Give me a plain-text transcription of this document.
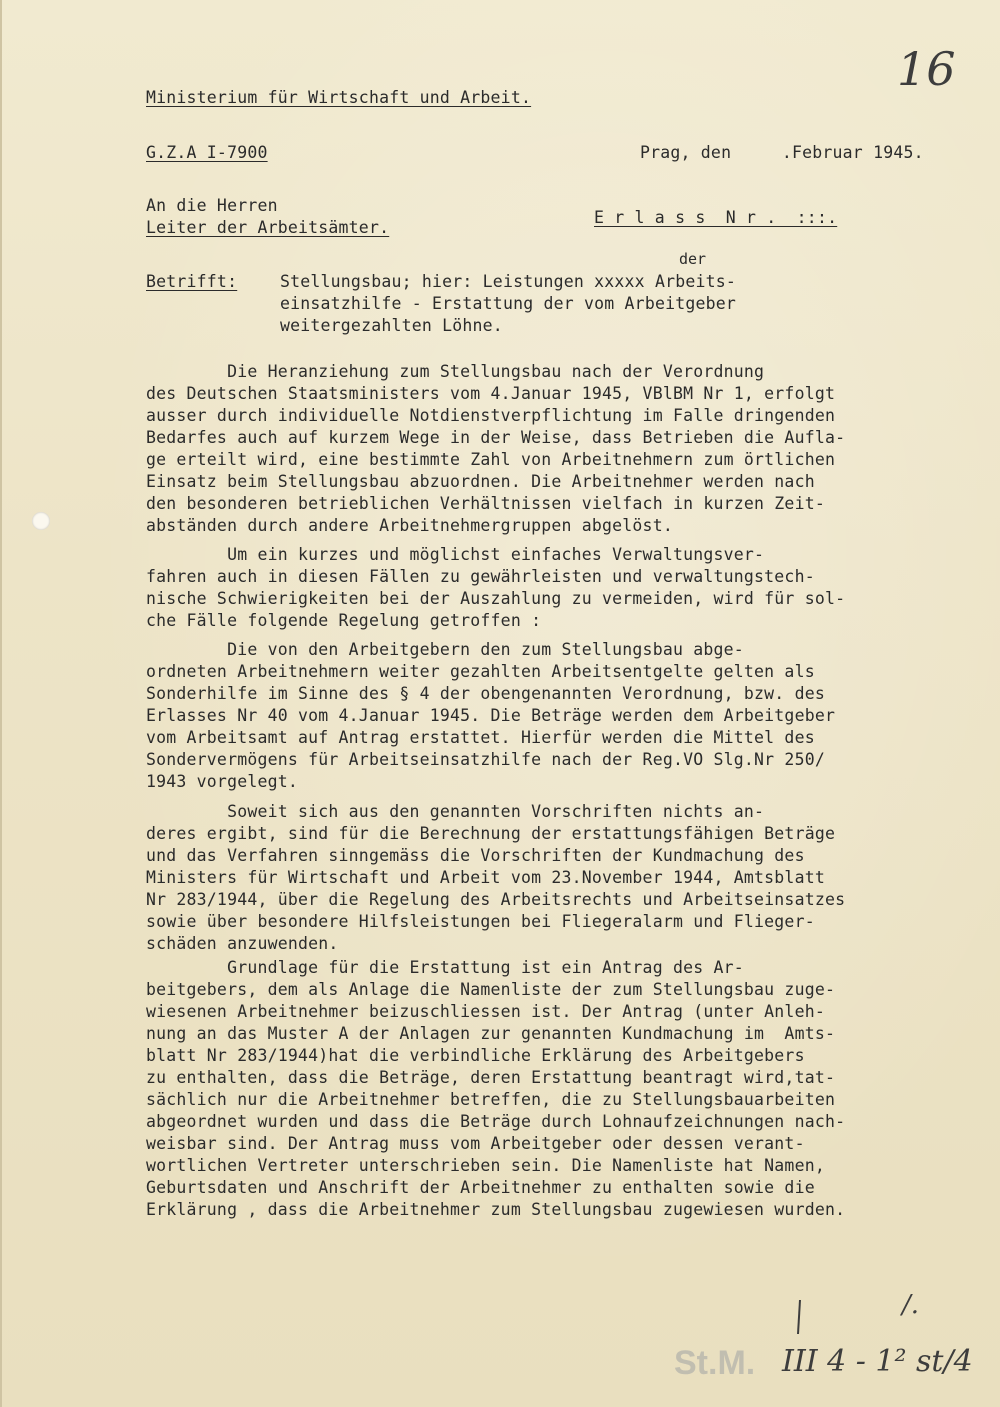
16
Ministerium für Wirtschaft und Arbeit.
G.Z.A I-7900	Prag, den     .Februar 1945.
An die Herren
Leiter der Arbeitsämter.
E r l a s s  N r .  :::.
Betrifft:	Stellungsbau; hier: Leistungen xxxxx Arbeits-
der
einsatzhilfe - Erstattung der vom Arbeitgeber
weitergezahlten Löhne.
Die Heranziehung zum Stellungsbau nach der Verordnung
des Deutschen Staatsministers vom 4.Januar 1945, VBlBM Nr 1, erfolgt
ausser durch individuelle Notdienstverpflichtung im Falle dringenden
Bedarfes auch auf kurzem Wege in der Weise, dass Betrieben die Aufla-
ge erteilt wird, eine bestimmte Zahl von Arbeitnehmern zum örtlichen
Einsatz beim Stellungsbau abzuordnen. Die Arbeitnehmer werden nach
den besonderen betrieblichen Verhältnissen vielfach in kurzen Zeit-
abständen durch andere Arbeitnehmergruppen abgelöst.
Um ein kurzes und möglichst einfaches Verwaltungsver-
fahren auch in diesen Fällen zu gewährleisten und verwaltungstech-
nische Schwierigkeiten bei der Auszahlung zu vermeiden, wird für sol-
che Fälle folgende Regelung getroffen :
Die von den Arbeitgebern den zum Stellungsbau abge-
ordneten Arbeitnehmern weiter gezahlten Arbeitsentgelte gelten als
Sonderhilfe im Sinne des § 4 der obengenannten Verordnung, bzw. des
Erlasses Nr 40 vom 4.Januar 1945. Die Beträge werden dem Arbeitgeber
vom Arbeitsamt auf Antrag erstattet. Hierfür werden die Mittel des
Sondervermögens für Arbeitseinsatzhilfe nach der Reg.VO Slg.Nr 250/
1943 vorgelegt.
Soweit sich aus den genannten Vorschriften nichts an-
deres ergibt, sind für die Berechnung der erstattungsfähigen Beträge
und das Verfahren sinngemäss die Vorschriften der Kundmachung des
Ministers für Wirtschaft und Arbeit vom 23.November 1944, Amtsblatt
Nr 283/1944, über die Regelung des Arbeitsrechts und Arbeitseinsatzes
sowie über besondere Hilfsleistungen bei Fliegeralarm und Flieger-
schäden anzuwenden.
Grundlage für die Erstattung ist ein Antrag des Ar-
beitgebers, dem als Anlage die Namenliste der zum Stellungsbau zuge-
wiesenen Arbeitnehmer beizuschliessen ist. Der Antrag (unter Anleh-
nung an das Muster A der Anlagen zur genannten Kundmachung im  Amts-
blatt Nr 283/1944)hat die verbindliche Erklärung des Arbeitgebers
zu enthalten, dass die Beträge, deren Erstattung beantragt wird,tat-
sächlich nur die Arbeitnehmer betreffen, die zu Stellungsbauarbeiten
abgeordnet wurden und dass die Beträge durch Lohnaufzeichnungen nach-
weisbar sind. Der Antrag muss vom Arbeitgeber oder dessen verant-
wortlichen Vertreter unterschrieben sein. Die Namenliste hat Namen,
Geburtsdaten und Anschrift der Arbeitnehmer zu enthalten sowie die
Erklärung , dass die Arbeitnehmer zum Stellungsbau zugewiesen wurden.
/.
St.M. III 4 - 1² st/4
